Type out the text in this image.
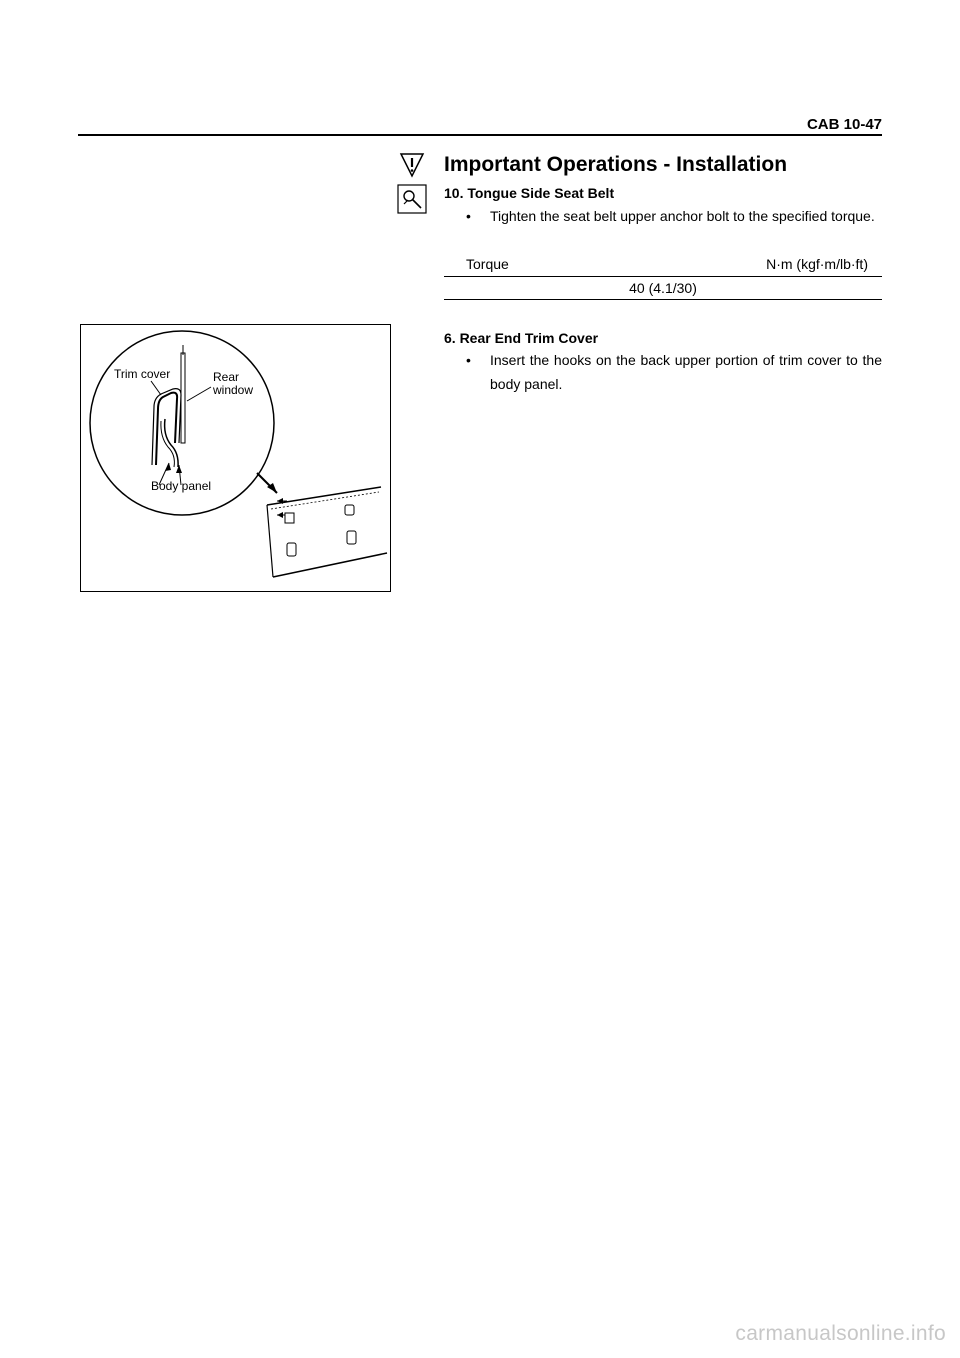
CAB 10-47
Important Operations - Installation
10. Tongue Side Seat Belt
• Tighten the seat belt upper anchor bolt to the specified torque.
Torque	N·m (kgf·m/lb·ft)
40 (4.1/30)
Trim cover	Rear
window
Body panel
6. Rear End Trim Cover
• Insert the hooks on the back upper portion of trim cover to the body panel.
carmanualsonline.info
